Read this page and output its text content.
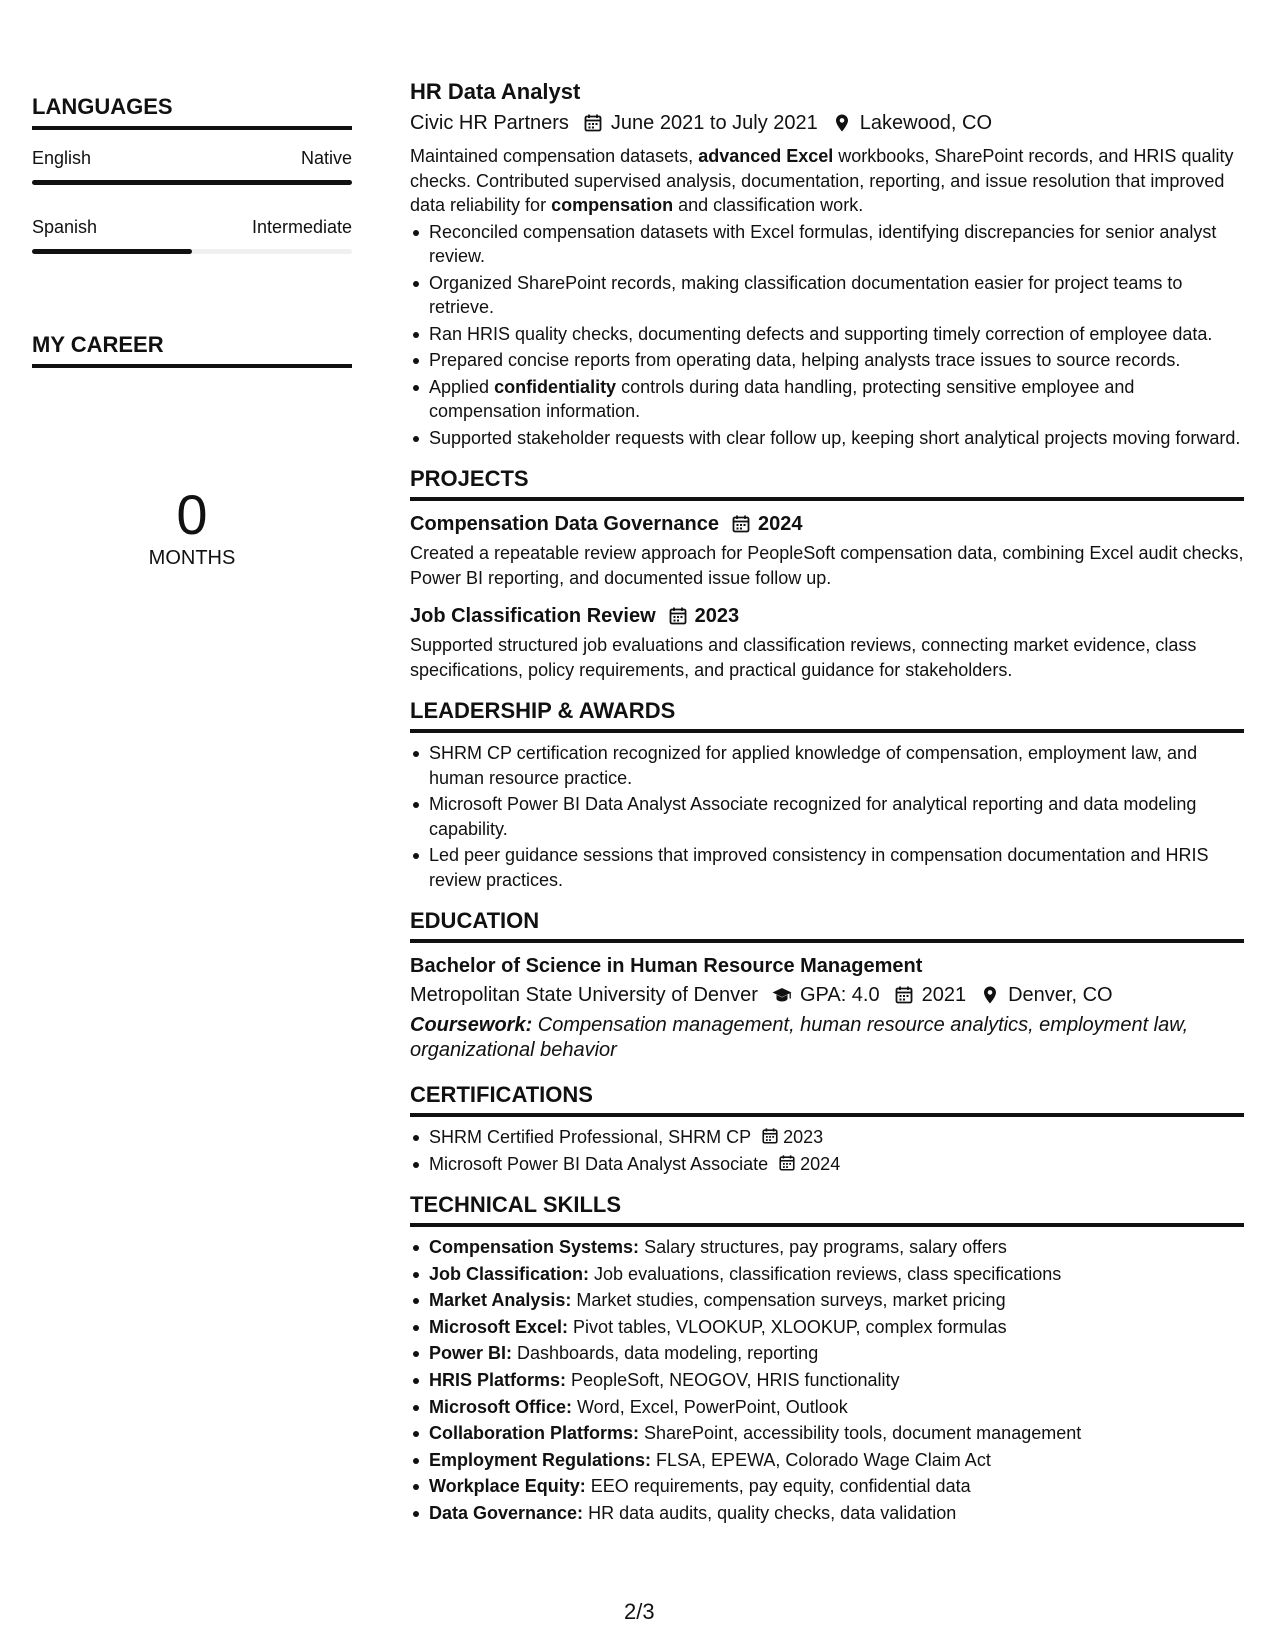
LANGUAGES
English	Native
Spanish	Intermediate
MY CAREER
0
MONTHS
HR Data Analyst
Civic HR Partners June 2021 to July 2021 Lakewood, CO
Maintained compensation datasets, advanced Excel workbooks, SharePoint records, and HRIS quality checks. Contributed supervised analysis, documentation, reporting, and issue resolution that improved data reliability for compensation and classification work.
Reconciled compensation datasets with Excel formulas, identifying discrepancies for senior analyst review.
Organized SharePoint records, making classification documentation easier for project teams to retrieve.
Ran HRIS quality checks, documenting defects and supporting timely correction of employee data.
Prepared concise reports from operating data, helping analysts trace issues to source records.
Applied confidentiality controls during data handling, protecting sensitive employee and compensation information.
Supported stakeholder requests with clear follow up, keeping short analytical projects moving forward.
PROJECTS
Compensation Data Governance 2024
Created a repeatable review approach for PeopleSoft compensation data, combining Excel audit checks, Power BI reporting, and documented issue follow up.
Job Classification Review 2023
Supported structured job evaluations and classification reviews, connecting market evidence, class specifications, policy requirements, and practical guidance for stakeholders.
LEADERSHIP & AWARDS
SHRM CP certification recognized for applied knowledge of compensation, employment law, and human resource practice.
Microsoft Power BI Data Analyst Associate recognized for analytical reporting and data modeling capability.
Led peer guidance sessions that improved consistency in compensation documentation and HRIS review practices.
EDUCATION
Bachelor of Science in Human Resource Management
Metropolitan State University of Denver GPA: 4.0 2021 Denver, CO
Coursework: Compensation management, human resource analytics, employment law, organizational behavior
CERTIFICATIONS
SHRM Certified Professional, SHRM CP 2023
Microsoft Power BI Data Analyst Associate 2024
TECHNICAL SKILLS
Compensation Systems: Salary structures, pay programs, salary offers
Job Classification: Job evaluations, classification reviews, class specifications
Market Analysis: Market studies, compensation surveys, market pricing
Microsoft Excel: Pivot tables, VLOOKUP, XLOOKUP, complex formulas
Power BI: Dashboards, data modeling, reporting
HRIS Platforms: PeopleSoft, NEOGOV, HRIS functionality
Microsoft Office: Word, Excel, PowerPoint, Outlook
Collaboration Platforms: SharePoint, accessibility tools, document management
Employment Regulations: FLSA, EPEWA, Colorado Wage Claim Act
Workplace Equity: EEO requirements, pay equity, confidential data
Data Governance: HR data audits, quality checks, data validation
2/3
